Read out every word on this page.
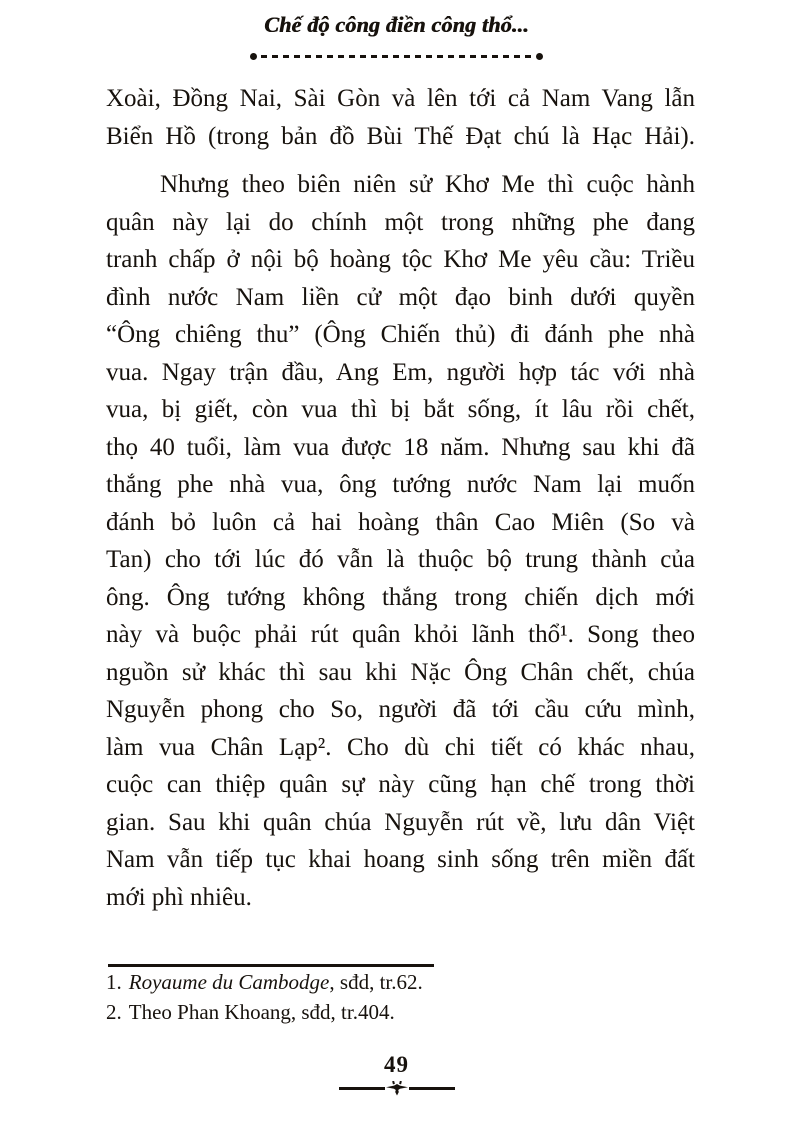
Chế độ công điền công thổ...
Xoài, Đồng Nai, Sài Gòn và lên tới cả Nam Vang lẫn
Biển Hồ (trong bản đồ Bùi Thế Đạt chú là Hạc Hải).
Nhưng theo biên niên sử Khơ Me thì cuộc hành
quân này lại do chính một trong những phe đang
tranh chấp ở nội bộ hoàng tộc Khơ Me yêu cầu: Triều
đình nước Nam liền cử một đạo binh dưới quyền
“Ông chiêng thu” (Ông Chiến thủ) đi đánh phe nhà
vua. Ngay trận đầu, Ang Em, người hợp tác với nhà
vua, bị giết, còn vua thì bị bắt sống, ít lâu rồi chết,
thọ 40 tuổi, làm vua được 18 năm. Nhưng sau khi đã
thắng phe nhà vua, ông tướng nước Nam lại muốn
đánh bỏ luôn cả hai hoàng thân Cao Miên (So và
Tan) cho tới lúc đó vẫn là thuộc bộ trung thành của
ông. Ông tướng không thắng trong chiến dịch mới
này và buộc phải rút quân khỏi lãnh thổ¹. Song theo
nguồn sử khác thì sau khi Nặc Ông Chân chết, chúa
Nguyễn phong cho So, người đã tới cầu cứu mình,
làm vua Chân Lạp². Cho dù chi tiết có khác nhau,
cuộc can thiệp quân sự này cũng hạn chế trong thời
gian. Sau khi quân chúa Nguyễn rút về, lưu dân Việt
Nam vẫn tiếp tục khai hoang sinh sống trên miền đất
mới phì nhiêu.
1. Royaume du Cambodge, sđd, tr.62.
2. Theo Phan Khoang, sđd, tr.404.
49
